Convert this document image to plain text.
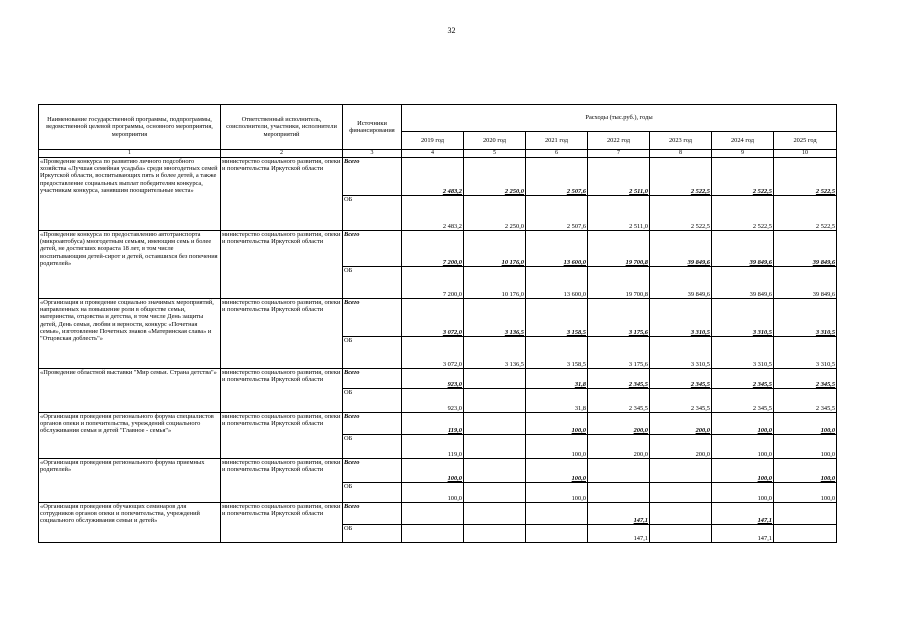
32
Наименование государственной программы, подпрограммы, ведомственной целевой программы, основного мероприятия, мероприятия	Ответственный исполнитель, соисполнители, участники, исполнители мероприятий	Источники финансирования	Расходы (тыс.руб.), годы						
			2019 год	2020 год	2021 год	2022 год	2023 год	2024 год	2025 год
1	2	3	4	5	6	7	8	9	10
«Проведение конкурса по развитию личного подсобного хозяйства «Лучшая семейная усадьба» среди многодетных семей Иркутской области, воспитывающих пять и более детей, а также предоставление социальных выплат победителям конкурса, участникам конкурса, занявшим поощрительные места»	министерство социального развития, опеки и попечительства Иркутской области	Всего	2 483,2	2 250,0	2 507,6	2 511,0	2 522,5	2 522,5	2 522,5
		ОБ	2 483,2	2 250,0	2 507,6	2 511,0	2 522,5	2 522,5	2 522,5
«Проведение конкурса по предоставлению автотранспорта (микроавтобуса) многодетным семьям, имеющим семь и более детей, не достигших возраста 18 лет, в том числе воспитывающим детей-сирот и детей, оставшихся без попечения родителей»	министерство социального развития, опеки и попечительства Иркутской области	Всего	7 200,0	10 176,0	13 600,0	19 700,8	39 849,6	39 849,6	39 849,6
		ОБ	7 200,0	10 176,0	13 600,0	19 700,8	39 849,6	39 849,6	39 849,6
«Организация и проведение социально значимых мероприятий, направленных на повышение роли в обществе семьи, материнства, отцовства и детства, в том числе День защиты детей, День семьи, любви и верности, конкурс «Почетная семья», изготовление Почетных знаков «Материнская слава» и "Отцовская доблесть"»	министерство социального развития, опеки и попечительства Иркутской области	Всего	3 072,0	3 136,5	3 158,5	3 175,6	3 310,5	3 310,5	3 310,5
		ОБ	3 072,0	3 136,5	3 158,5	3 175,6	3 310,5	3 310,5	3 310,5
«Проведение областной выставки "Мир семьи. Страна детства"»	министерство социального развития, опеки и попечительства Иркутской области	Всего	923,0		31,8	2 345,5	2 345,5	2 345,5	2 345,5
		ОБ	923,0		31,8	2 345,5	2 345,5	2 345,5	2 345,5
«Организация проведения регионального форума специалистов органов опеки и попечительства, учреждений социального обслуживания семьи и детей "Главное - семья"»	министерство социального развития, опеки и попечительства Иркутской области	Всего	119,0		100,0	200,0	200,0	100,0	100,0
		ОБ	119,0		100,0	200,0	200,0	100,0	100,0
«Организация проведения регионального форума приемных родителей»	министерство социального развития, опеки и попечительства Иркутской области	Всего	100,0		100,0			100,0	100,0
		ОБ	100,0		100,0			100,0	100,0
«Организация проведения обучающих семинаров для сотрудников органов опеки и попечительства, учреждений социального обслуживания семьи и детей»	министерство социального развития, опеки и попечительства Иркутской области	Всего				147,1		147,1	
		ОБ				147,1		147,1	
